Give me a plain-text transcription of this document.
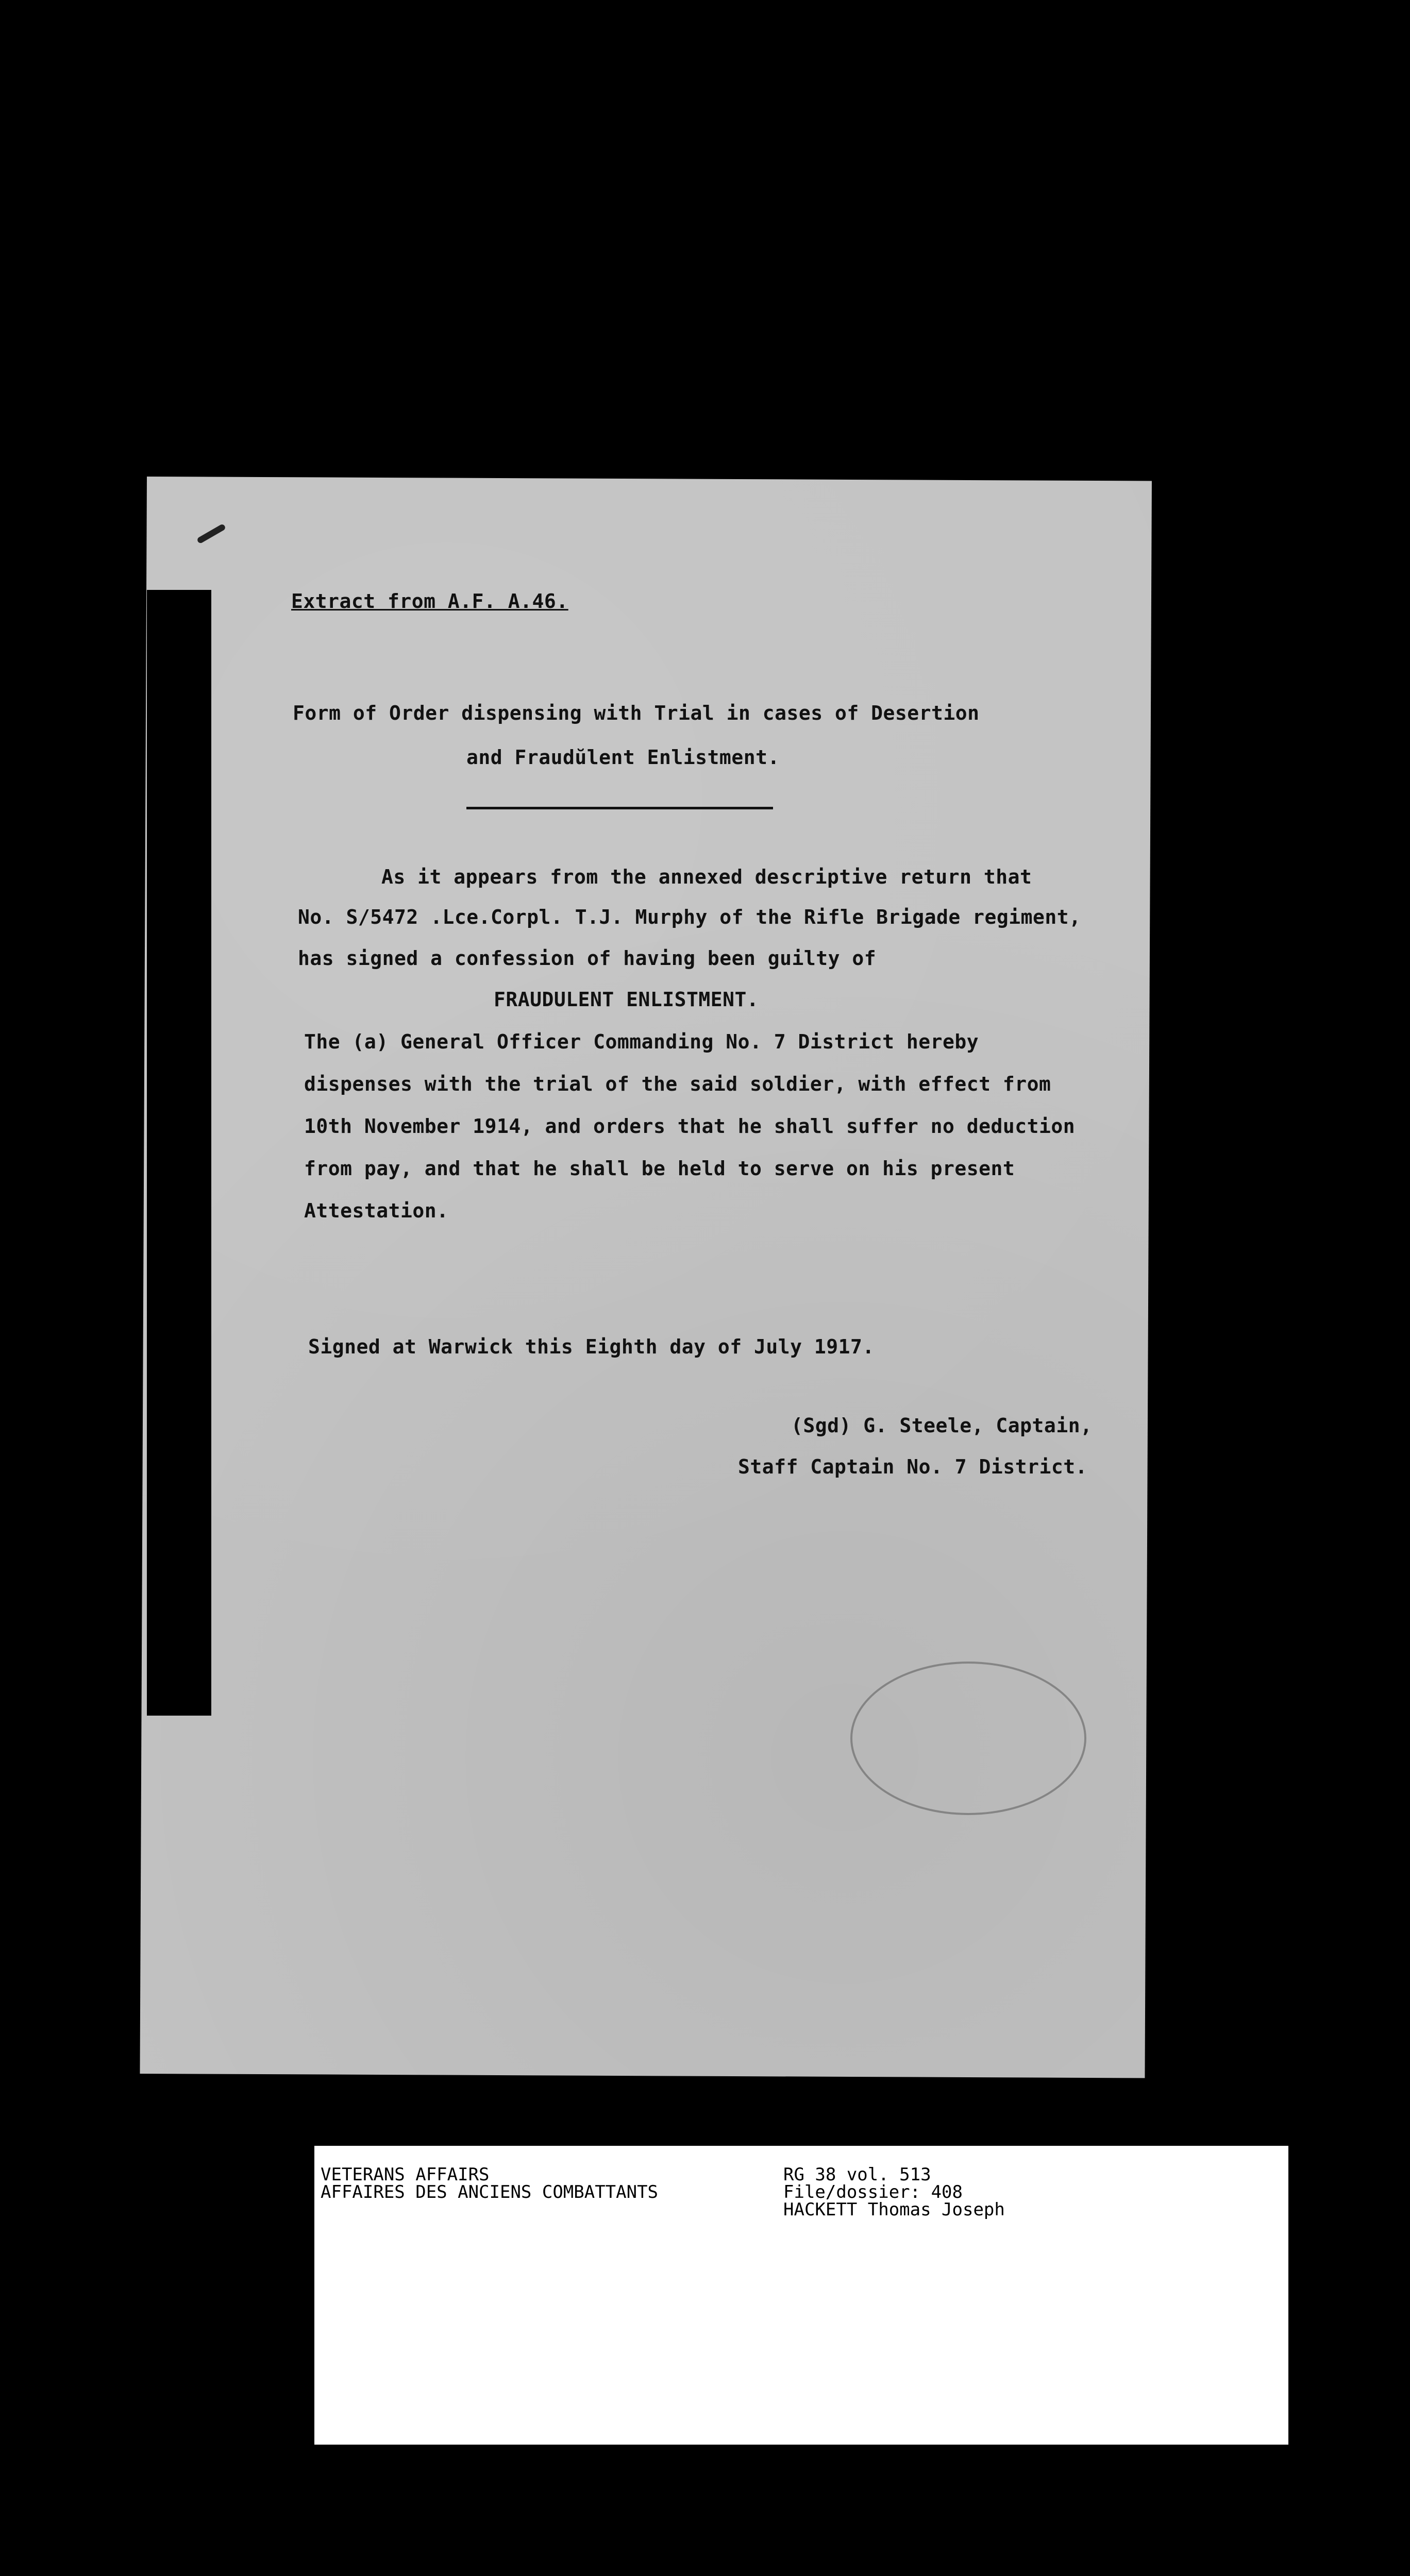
Extract from A.F. A.46.
Form of Order dispensing with Trial in cases of Desertion
and Fraudŭlent Enlistment.
As it appears from the annexed descriptive return that
No. S/5472 .Lce.Corpl. T.J. Murphy of the Rifle Brigade regiment,
has signed a confession of having been guilty of
FRAUDULENT ENLISTMENT.
The (a) General Officer Commanding No. 7 District hereby
dispenses with the trial of the said soldier, with effect from
10th November 1914, and orders that he shall suffer no deduction
from pay, and that he shall be held to serve on his present
Attestation.
Signed at Warwick this Eighth day of July 1917.
(Sgd) G. Steele, Captain,
Staff Captain No. 7 District.
VETERANS AFFAIRS
AFFAIRES DES ANCIENS COMBATTANTS
RG 38 vol. 513
File/dossier: 408
HACKETT Thomas Joseph
